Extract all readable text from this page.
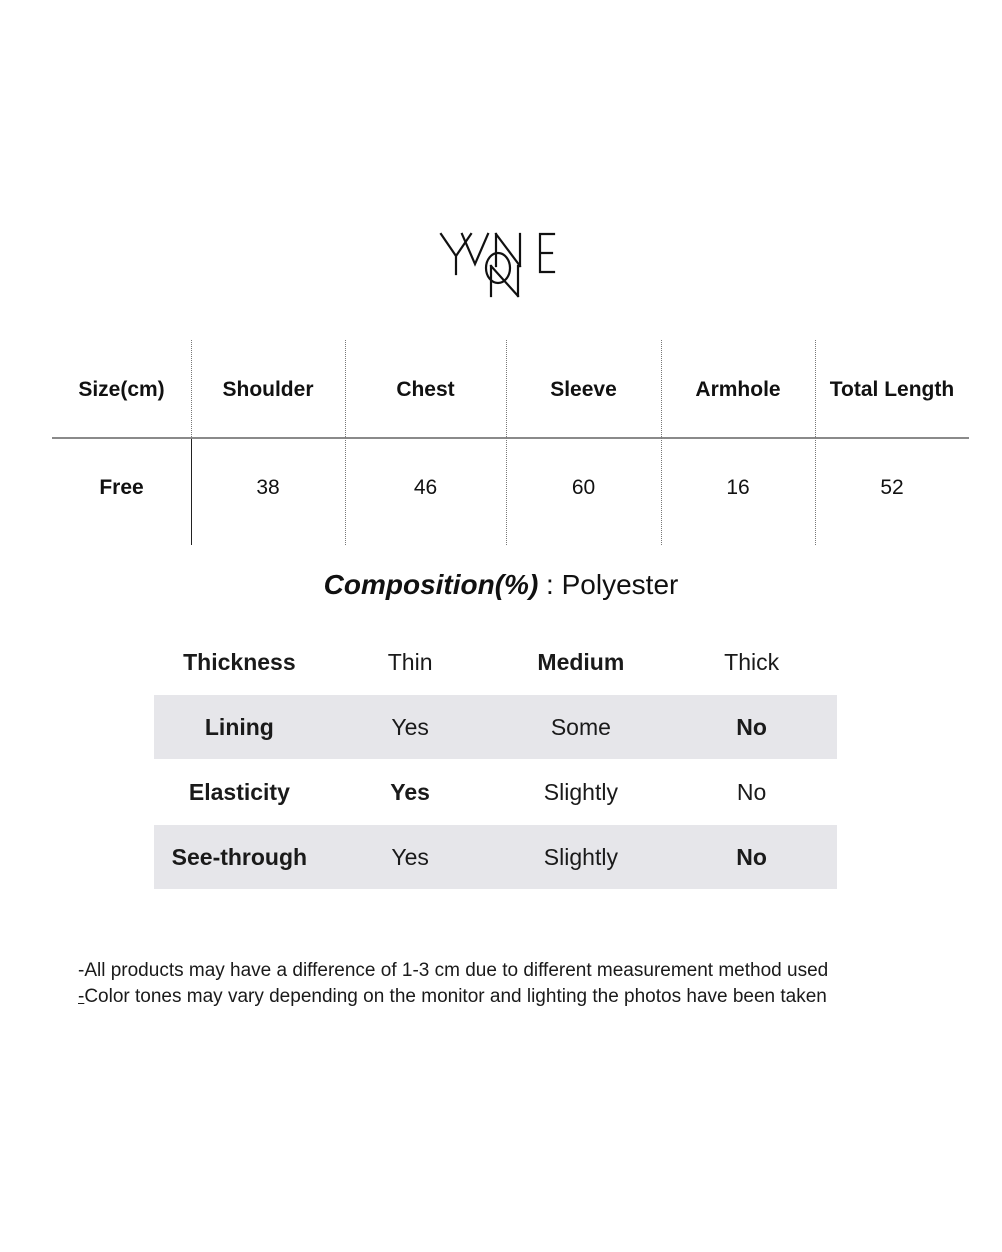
Size(cm)	Shoulder	Chest	Sleeve	Armhole	Total Length
Free	38	46	60	16	52
Composition(%) : Polyester
Thickness	Thin	Medium	Thick
Lining	Yes	Some	No
Elasticity	Yes	Slightly	No
See-through	Yes	Slightly	No
-All products may have a difference of 1-3 cm due to different measurement method used
-Color tones may vary depending on the monitor and lighting the photos have been taken
